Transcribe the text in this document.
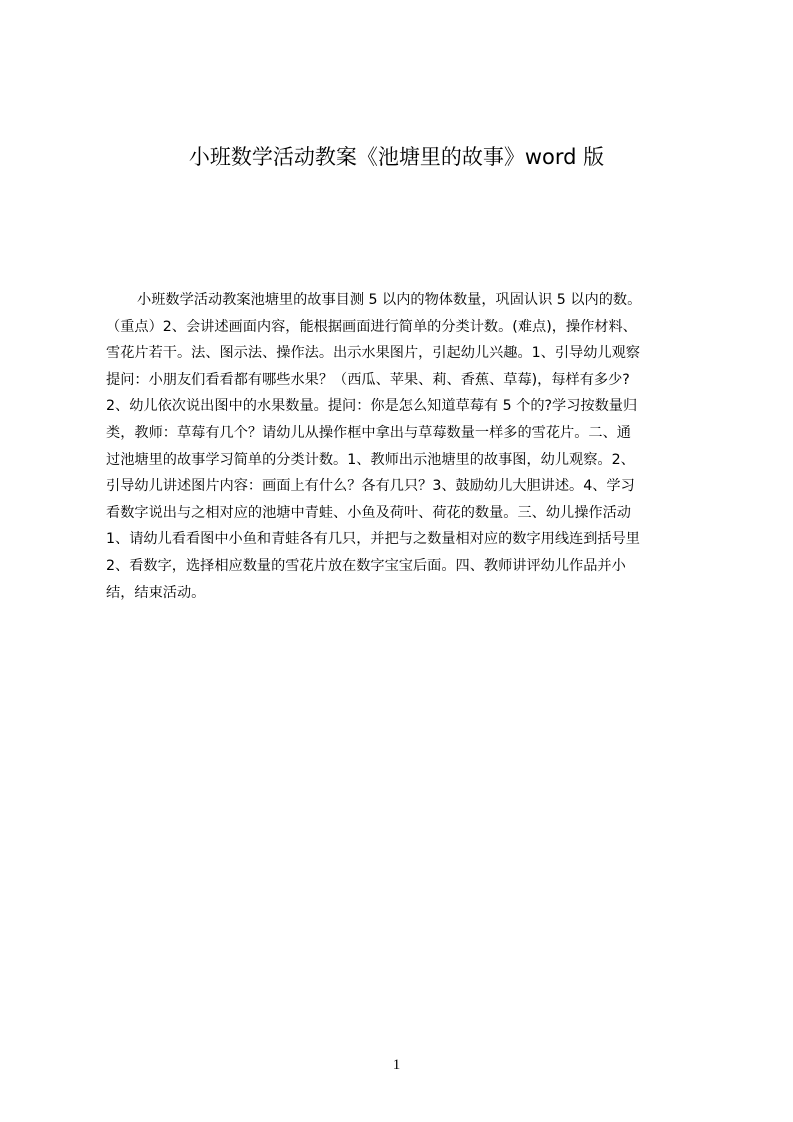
小班数学活动教案《池塘里的故事》word 版
小班数学活动教案池塘里的故事目测 5 以内的物体数量，巩固认识 5 以内的数。
（重点）2、会讲述画面内容，能根据画面进行简单的分类计数。(难点)，操作材料、
雪花片若干。法、图示法、操作法。出示水果图片，引起幼儿兴趣。1、引导幼儿观察
提问：小朋友们看看都有哪些水果？（西瓜、苹果、莉、香蕉、草莓)，每样有多少?
2、幼儿依次说出图中的水果数量。提问：你是怎么知道草莓有 5 个的?学习按数量归
类，教师：草莓有几个？请幼儿从操作框中拿出与草莓数量一样多的雪花片。二、通
过池塘里的故事学习简单的分类计数。1、教师出示池塘里的故事图，幼儿观察。2、
引导幼儿讲述图片内容：画面上有什么？各有几只？3、鼓励幼儿大胆讲述。4、学习
看数字说出与之相对应的池塘中青蛙、小鱼及荷叶、荷花的数量。三、幼儿操作活动
1、请幼儿看看图中小鱼和青蛙各有几只，并把与之数量相对应的数字用线连到括号里
2、看数字，选择相应数量的雪花片放在数字宝宝后面。四、教师讲评幼儿作品并小
结，结束活动。
1
